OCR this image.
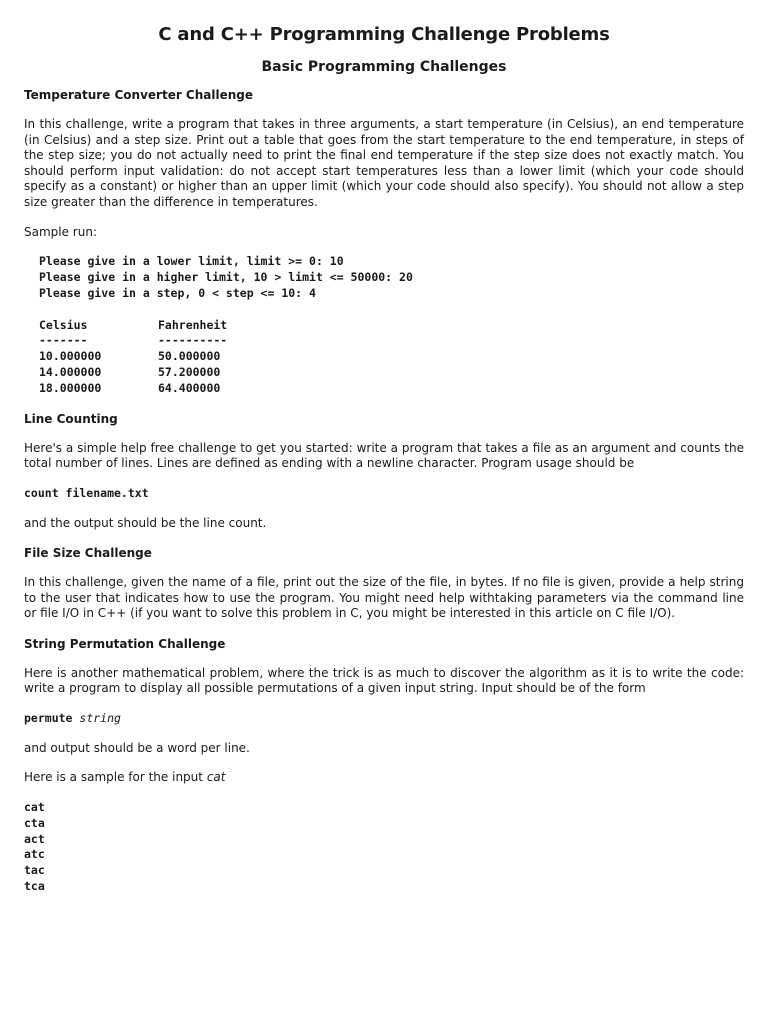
C and C++ Programming Challenge Problems
Basic Programming Challenges
Temperature Converter Challenge

In this challenge, write a program that takes in three arguments, a start temperature (in Celsius), an end temperature (in Celsius) and a step size. Print out a table that goes from the start temperature to the end temperature, in steps of the step size; you do not actually need to print the final end temperature if the step size does not exactly match. You should perform input validation: do not accept start temperatures less than a lower limit (which your code should specify as a constant) or higher than an upper limit (which your code should also specify). You should not allow a step size greater than the difference in temperatures.

Sample run:

Please give in a lower limit, limit >= 0: 10
Please give in a higher limit, 10 > limit <= 50000: 20
Please give in a step, 0 < step <= 10: 4
Celsius	Fahrenheit
-------	----------
10.000000	50.000000
14.000000	57.200000
18.000000	64.400000
Line Counting

Here's a simple help free challenge to get you started: write a program that takes a file as an argument and counts the total number of lines. Lines are defined as ending with a newline character. Program usage should be

count filename.txt

and the output should be the line count.

File Size Challenge

In this challenge, given the name of a file, print out the size of the file, in bytes. If no file is given, provide a help string to the user that indicates how to use the program. You might need help withtaking parameters via the command line or file I/O in C++ (if you want to solve this problem in C, you might be interested in this article on C file I/O).

String Permutation Challenge

Here is another mathematical problem, where the trick is as much to discover the algorithm as it is to write the code: write a program to display all possible permutations of a given input string. Input should be of the form

permute string

and output should be a word per line.

Here is a sample for the input cat

cat
cta
act
atc
tac
tca
